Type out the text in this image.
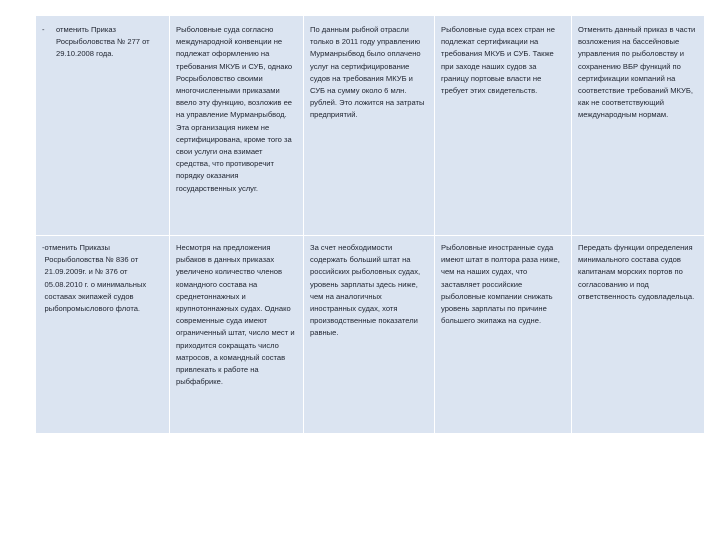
-	отменить Приказ Росрыболовства № 277 от 29.10.2008 года.
Рыболовные суда согласно международной конвенции не подлежат оформлению на требования МКУБ и СУБ, однако Росрыболовство своими многочисленными приказами ввело эту функцию, возложив ее на управление Мурманрыбвод. Эта организация никем не сертифицирована, кроме того за свои услуги она взимает средства, что противоречит порядку оказания государственных услуг.
По данным рыбной отрасли только в 2011 году управлению Мурманрыбвод было оплачено услуг на сертифицирование судов на требования МКУБ и СУБ на сумму около 6 млн. рублей. Это ложится на затраты предприятий.
Рыболовные суда всех стран не подлежат сертификации на требования МКУБ и СУБ. Также при заходе наших судов за границу портовые власти не требует этих свидетельств.
Отменить данный приказ в части возложения на бассейновые управления по рыболовству и сохранению ВБР функций по сертификации компаний на соответствие требований МКУБ, как не соответствующий международным нормам.
- отменить Приказы Росрыболовства № 836 от 21.09.2009г. и № 376 от 05.08.2010 г. о минимальных составах экипажей судов рыбопромыслового флота.
Несмотря на предложения рыбаков в данных приказах увеличено количество членов командного состава на среднетоннажных и крупнотоннажных судах. Однако современные суда имеют ограниченный штат, число мест и приходится сокращать число матросов, а командный состав привлекать к работе на рыбфабрике.
За счет необходимости содержать больший штат на российских рыболовных судах, уровень зарплаты здесь ниже, чем на аналогичных иностранных судах, хотя производственные показатели равные.
Рыболовные иностранные суда имеют штат в полтора раза ниже, чем на наших судах, что заставляет российские рыболовные компании снижать уровень зарплаты по причине большего экипажа на судне.
Передать функции определения минимального состава судов капитанам морских портов по согласованию и под ответственность судовладельца.
